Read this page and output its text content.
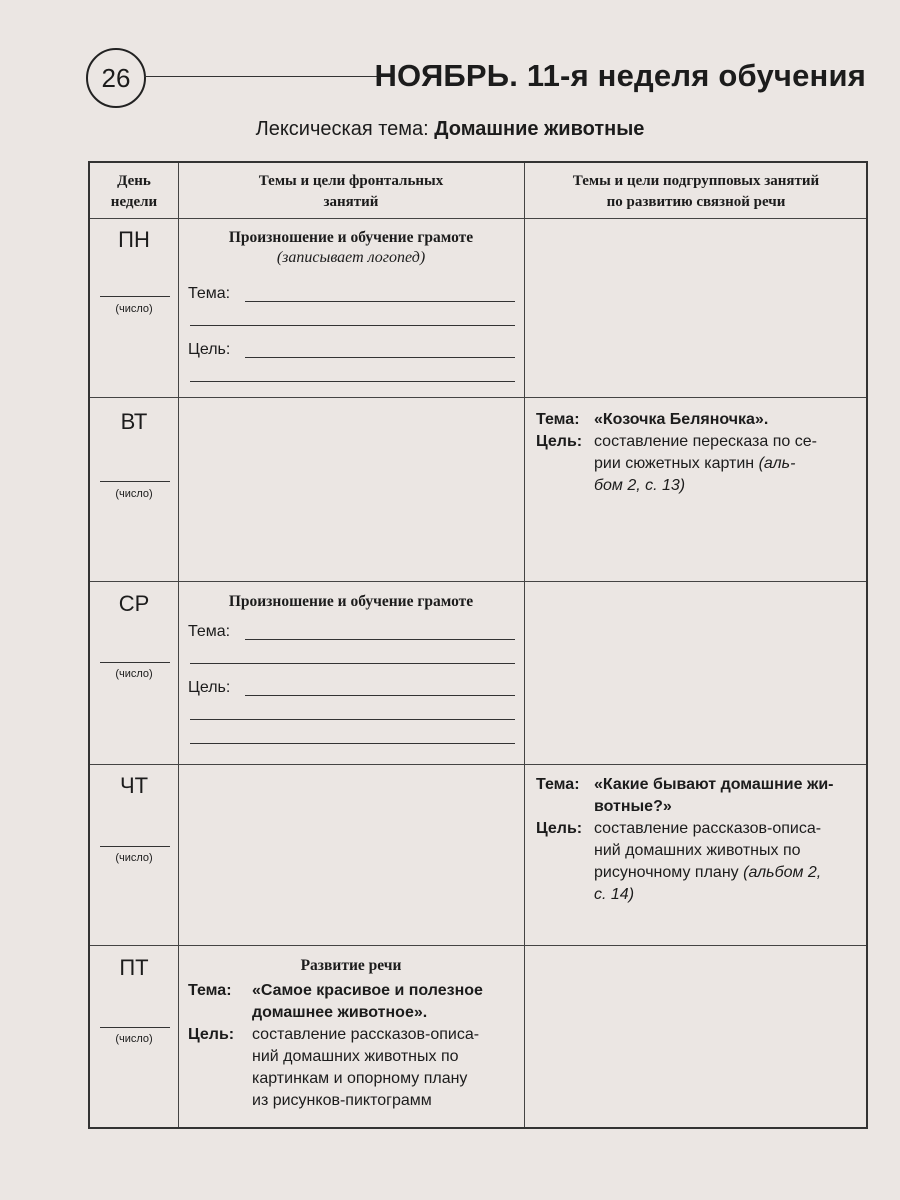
26	НОЯБРЬ. 11-я неделя обучения
Лексическая тема: Домашние животные
День
недели
Темы и цели фронтальных
занятий
Темы и цели подгрупповых занятий
по развитию связной речи
ПН
(число)
Произношение и обучение грамоте
(записывает логопед)
Тема:
Цель:
ВТ
(число)
Тема: «Козочка Беляночка».
Цель: составление пересказа по се-
рии сюжетных картин (аль-
бом 2, с. 13)
СР
(число)
Произношение и обучение грамоте
Тема:
Цель:
ЧТ
(число)
Тема: «Какие бывают домашние жи-
вотные?»
Цель: составление рассказов-описа-
ний домашних животных по
рисуночному плану (альбом 2,
с. 14)
ПТ
(число)
Развитие речи
Тема: «Самое красивое и полезное
домашнее животное».
Цель: составление рассказов-описа-
ний домашних животных по
картинкам и опорному плану
из рисунков-пиктограмм
